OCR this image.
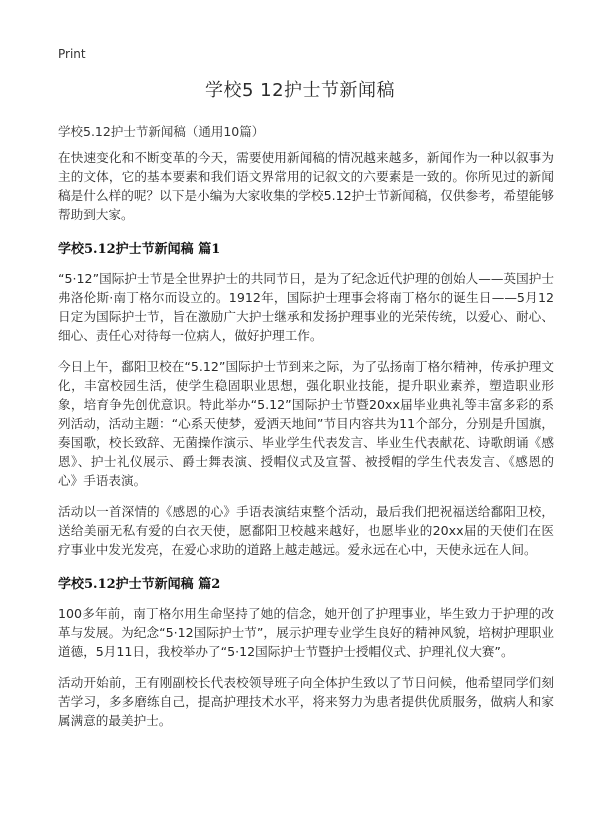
Print
学校5 12护士节新闻稿
学校5.12护士节新闻稿（通用10篇）

在快速变化和不断变革的今天，需要使用新闻稿的情况越来越多，新闻作为一种以叙事为主的文体，它的基本要素和我们语文界常用的记叙文的六要素是一致的。你所见过的新闻稿是什么样的呢？以下是小编为大家收集的学校5.12护士节新闻稿，仅供参考，希望能够帮助到大家。

学校5.12护士节新闻稿 篇1

“5·12”国际护士节是全世界护士的共同节日，是为了纪念近代护理的创始人——英国护士弗洛伦斯·南丁格尔而设立的。1912年，国际护士理事会将南丁格尔的诞生日——5月12日定为国际护士节，旨在激励广大护士继承和发扬护理事业的光荣传统，以爱心、耐心、细心、责任心对待每一位病人，做好护理工作。

今日上午，鄱阳卫校在“5.12”国际护士节到来之际，为了弘扬南丁格尔精神，传承护理文化，丰富校园生活，使学生稳固职业思想，强化职业技能，提升职业素养，塑造职业形象，培育争先创优意识。特此举办“5.12”国际护士节暨20xx届毕业典礼等丰富多彩的系列活动，活动主题：“心系天使梦，爱洒天地间”节目内容共为11个部分，分别是升国旗，奏国歌，校长致辞、无菌操作演示、毕业学生代表发言、毕业生代表献花、诗歌朗诵《感恩》、护士礼仪展示、爵士舞表演、授帽仪式及宣誓、被授帽的学生代表发言、《感恩的心》手语表演。

活动以一首深情的《感恩的心》手语表演结束整个活动，最后我们把祝福送给鄱阳卫校，送给美丽无私有爱的白衣天使，愿鄱阳卫校越来越好，也愿毕业的20xx届的天使们在医疗事业中发光发亮，在爱心求助的道路上越走越远。爱永远在心中，天使永远在人间。

学校5.12护士节新闻稿 篇2

100多年前，南丁格尔用生命坚持了她的信念，她开创了护理事业，毕生致力于护理的改革与发展。为纪念“5·12国际护士节”，展示护理专业学生良好的精神风貌，培树护理职业道德，5月11日，我校举办了“5·12国际护士节暨护士授帽仪式、护理礼仪大赛”。

活动开始前，王有刚副校长代表校领导班子向全体护生致以了节日问候，他希望同学们刻苦学习，多多磨练自己，提高护理技术水平，将来努力为患者提供优质服务，做病人和家属满意的最美护士。
